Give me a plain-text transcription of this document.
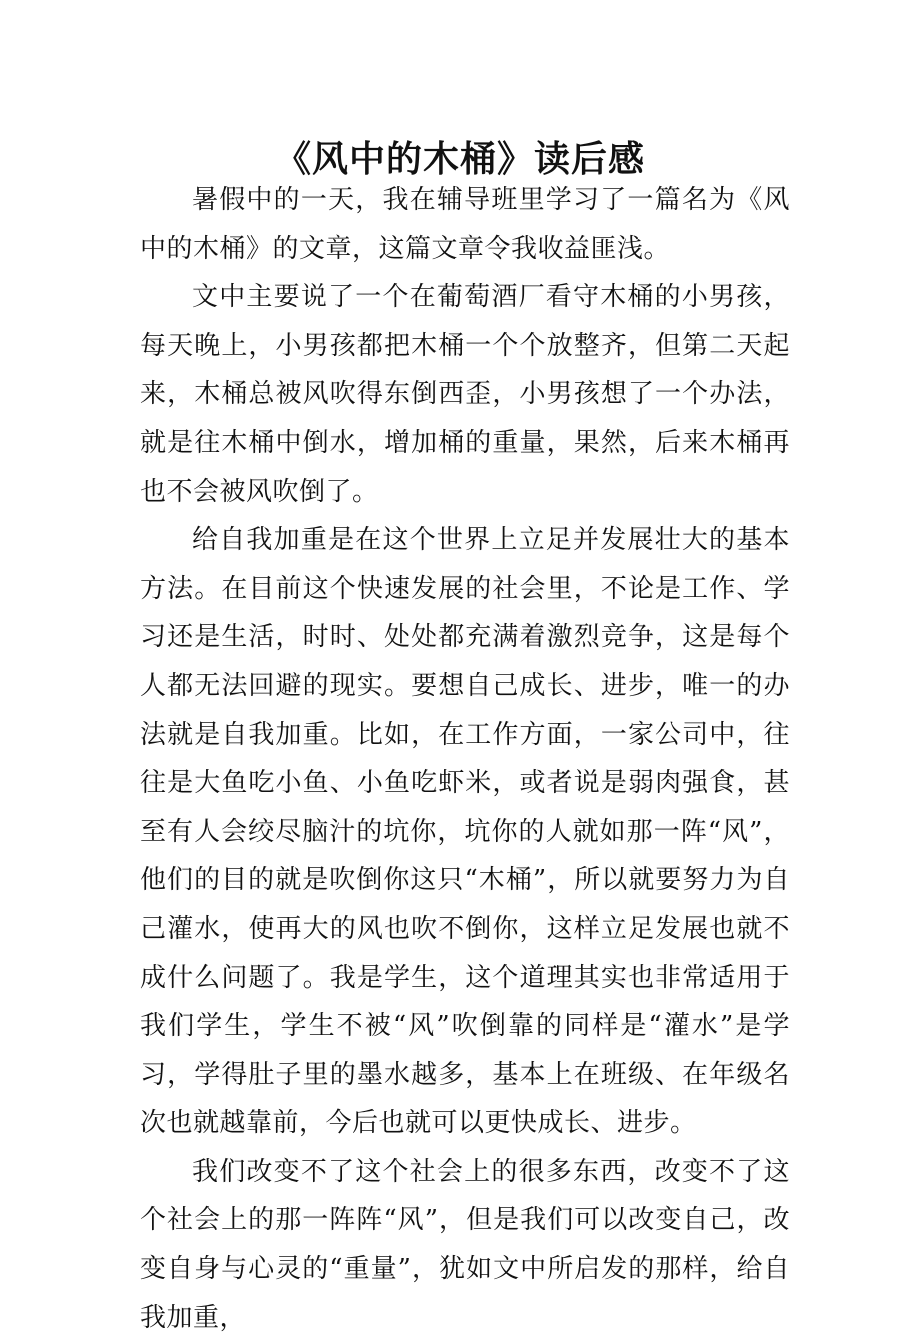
《风中的木桶》读后感

暑假中的一天，我在辅导班里学习了一篇名为《风中的木桶》的文章，这篇文章令我收益匪浅。

文中主要说了一个在葡萄酒厂看守木桶的小男孩，每天晚上，小男孩都把木桶一个个放整齐，但第二天起来，木桶总被风吹得东倒西歪，小男孩想了一个办法，就是往木桶中倒水，增加桶的重量，果然，后来木桶再也不会被风吹倒了。

给自我加重是在这个世界上立足并发展壮大的基本方法。在目前这个快速发展的社会里，不论是工作、学习还是生活，时时、处处都充满着激烈竞争，这是每个人都无法回避的现实。要想自己成长、进步，唯一的办法就是自我加重。比如，在工作方面，一家公司中，往往是大鱼吃小鱼、小鱼吃虾米，或者说是弱肉强食，甚至有人会绞尽脑汁的坑你，坑你的人就如那一阵“风”，他们的目的就是吹倒你这只“木桶”，所以就要努力为自己灌水，使再大的风也吹不倒你，这样立足发展也就不成什么问题了。我是学生，这个道理其实也非常适用于我们学生，学生不被“风”吹倒靠的同样是“灌水”是学习，学得肚子里的墨水越多，基本上在班级、在年级名次也就越靠前，今后也就可以更快成长、进步。

我们改变不了这个社会上的很多东西，改变不了这个社会上的那一阵阵“风”，但是我们可以改变自己，改变自身与心灵的“重量”，犹如文中所启发的那样，给自我加重，
